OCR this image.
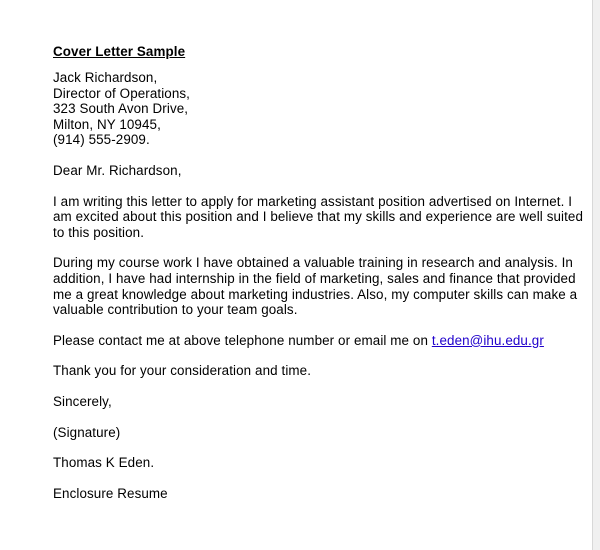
Cover Letter Sample
Jack Richardson,
Director of Operations,
323 South Avon Drive,
Milton, NY 10945,
(914) 555-2909.
Dear Mr. Richardson,
I am writing this letter to apply for marketing assistant position advertised on Internet. I am excited about this position and I believe that my skills and experience are well suited to this position.
During my course work I have obtained a valuable training in research and analysis. In addition, I have had internship in the field of marketing, sales and finance that provided me a great knowledge about marketing industries. Also, my computer skills can make a valuable contribution to your team goals.
Please contact me at above telephone number or email me on t.eden@ihu.edu.gr
Thank you for your consideration and time.
Sincerely,
(Signature)
Thomas K Eden.
Enclosure Resume
